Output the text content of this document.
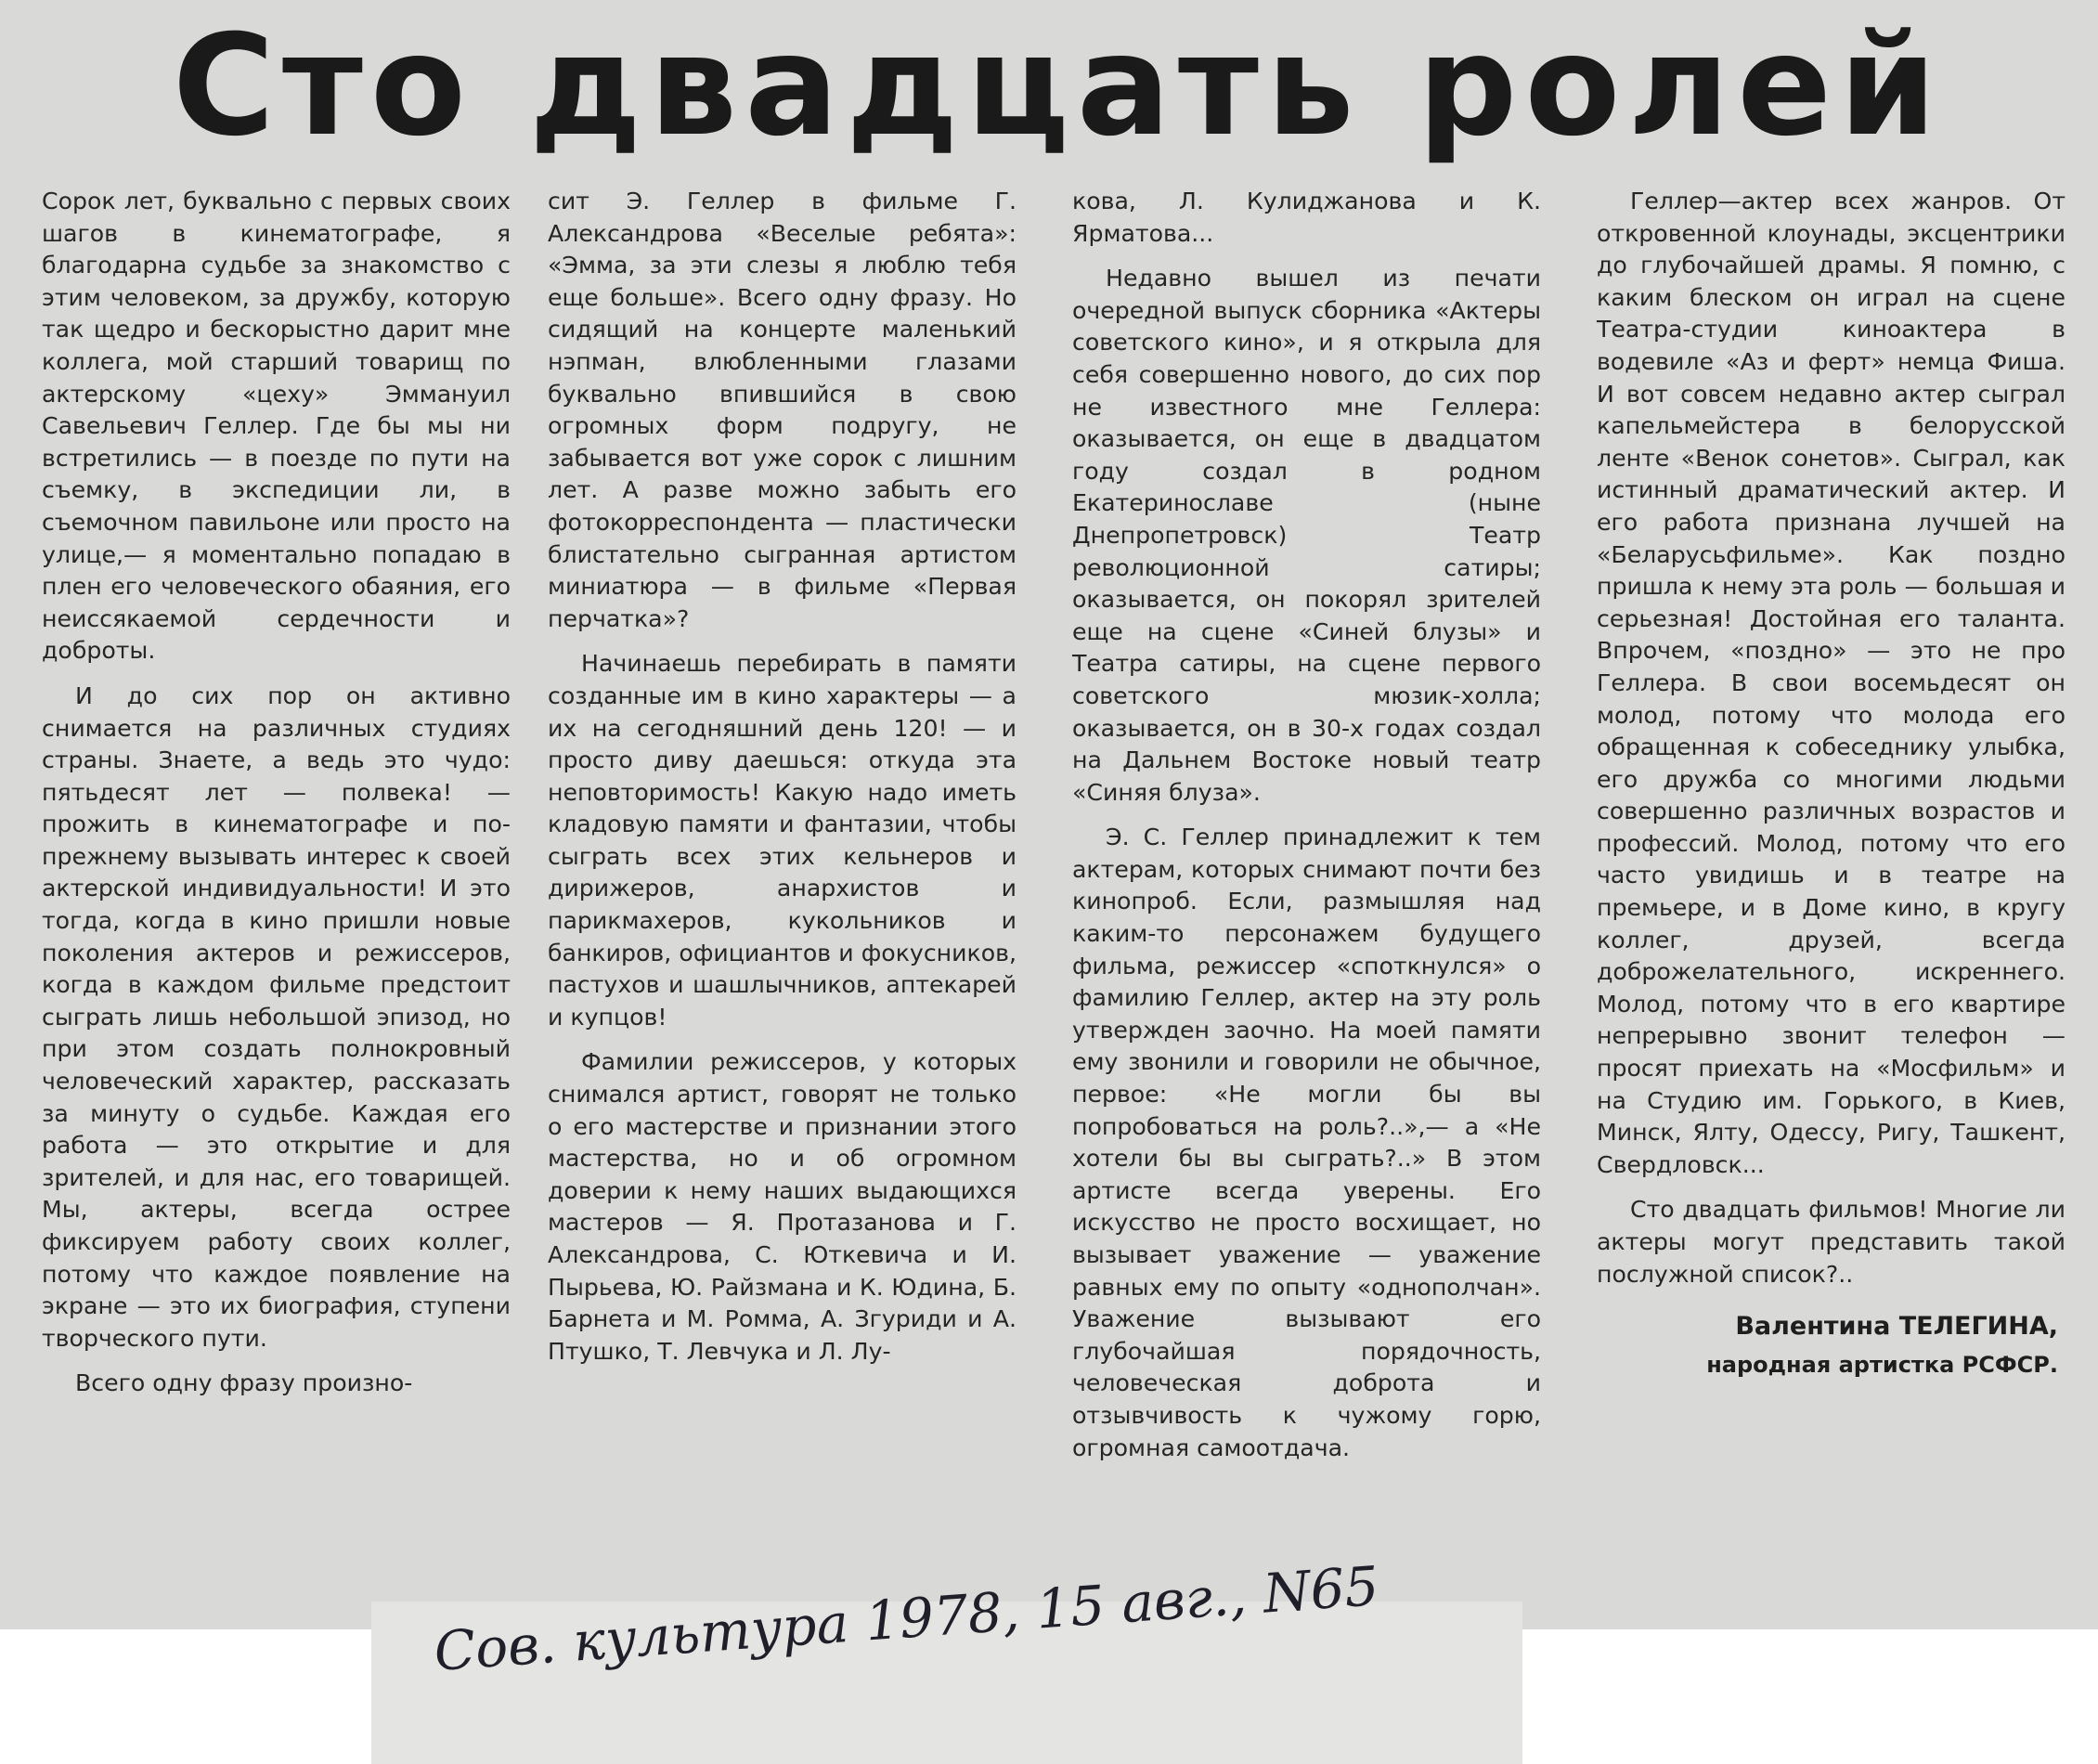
Сто двадцать ролей

Сорок лет, буквально с первых своих шагов в кинематографе, я благодарна судьбе за знакомство с этим человеком, за дружбу, которую так щедро и бескорыстно дарит мне коллега, мой старший товарищ по актерскому «цеху» Эммануил Савельевич Геллер. Где бы мы ни встретились — в поезде по пути на съемку, в экспедиции ли, в съемочном павильоне или просто на улице,— я моментально попадаю в плен его человеческого обаяния, его неиссякаемой сердечности и доброты.

И до сих пор он активно снимается на различных студиях страны. Знаете, а ведь это чудо: пятьдесят лет — полвека! — прожить в кинематографе и по-прежнему вызывать интерес к своей актерской индивидуальности! И это тогда, когда в кино пришли новые поколения актеров и режиссеров, когда в каждом фильме предстоит сыграть лишь небольшой эпизод, но при этом создать полнокровный человеческий характер, рассказать за минуту о судьбе. Каждая его работа — это открытие и для зрителей, и для нас, его товарищей. Мы, актеры, всегда острее фиксируем работу своих коллег, потому что каждое появление на экране — это их биография, ступени творческого пути.

Всего одну фразу произно-

сит Э. Геллер в фильме Г. Александрова «Веселые ребята»: «Эмма, за эти слезы я люблю тебя еще больше». Всего одну фразу. Но сидящий на концерте маленький нэпман, влюбленными глазами буквально впившийся в свою огромных форм подругу, не забывается вот уже сорок с лишним лет. А разве можно забыть его фотокорреспондента — пластически блистательно сыгранная артистом миниатюра — в фильме «Первая перчатка»?

Начинаешь перебирать в памяти созданные им в кино характеры — а их на сегодняшний день 120! — и просто диву даешься: откуда эта неповторимость! Какую надо иметь кладовую памяти и фантазии, чтобы сыграть всех этих кельнеров и дирижеров, анархистов и парикмахеров, кукольников и банкиров, официантов и фокусников, пастухов и шашлычников, аптекарей и купцов!

Фамилии режиссеров, у которых снимался артист, говорят не только о его мастерстве и признании этого мастерства, но и об огромном доверии к нему наших выдающихся мастеров — Я. Протазанова и Г. Александрова, С. Юткевича и И. Пырьева, Ю. Райзмана и К. Юдина, Б. Барнета и М. Ромма, А. Згуриди и А. Птушко, Т. Левчука и Л. Лу-

кова, Л. Кулиджанова и К. Ярматова...

Недавно вышел из печати очередной выпуск сборника «Актеры советского кино», и я открыла для себя совершенно нового, до сих пор не известного мне Геллера: оказывается, он еще в двадцатом году создал в родном Екатеринославе (ныне Днепропетровск) Театр революционной сатиры; оказывается, он покорял зрителей еще на сцене «Синей блузы» и Театра сатиры, на сцене первого советского мюзик-холла; оказывается, он в 30-х годах создал на Дальнем Востоке новый театр «Синяя блуза».

Э. С. Геллер принадлежит к тем актерам, которых снимают почти без кинопроб. Если, размышляя над каким-то персонажем будущего фильма, режиссер «споткнулся» о фамилию Геллер, актер на эту роль утвержден заочно. На моей памяти ему звонили и говорили не обычное, первое: «Не могли бы вы попробоваться на роль?..»,— а «Не хотели бы вы сыграть?..» В этом артисте всегда уверены. Его искусство не просто восхищает, но вызывает уважение — уважение равных ему по опыту «однополчан». Уважение вызывают его глубочайшая порядочность, человеческая доброта и отзывчивость к чужому горю, огромная самоотдача.

Геллер—актер всех жанров. От откровенной клоунады, эксцентрики до глубочайшей драмы. Я помню, с каким блеском он играл на сцене Театра-студии киноактера в водевиле «Аз и ферт» немца Фиша. И вот совсем недавно актер сыграл капельмейстера в белорусской ленте «Венок сонетов». Сыграл, как истинный драматический актер. И его работа признана лучшей на «Беларусьфильме». Как поздно пришла к нему эта роль — большая и серьезная! Достойная его таланта. Впрочем, «поздно» — это не про Геллера. В свои восемьдесят он молод, потому что молода его обращенная к собеседнику улыбка, его дружба со многими людьми совершенно различных возрастов и профессий. Молод, потому что его часто увидишь и в театре на премьере, и в Доме кино, в кругу коллег, друзей, всегда доброжелательного, искреннего. Молод, потому что в его квартире непрерывно звонит телефон — просят приехать на «Мосфильм» и на Студию им. Горького, в Киев, Минск, Ялту, Одессу, Ригу, Ташкент, Свердловск...

Сто двадцать фильмов! Многие ли актеры могут представить такой послужной список?..

Валентина ТЕЛЕГИНА,
народная артистка РСФСР.
Сов. культура 1978, 15 авг., N65
